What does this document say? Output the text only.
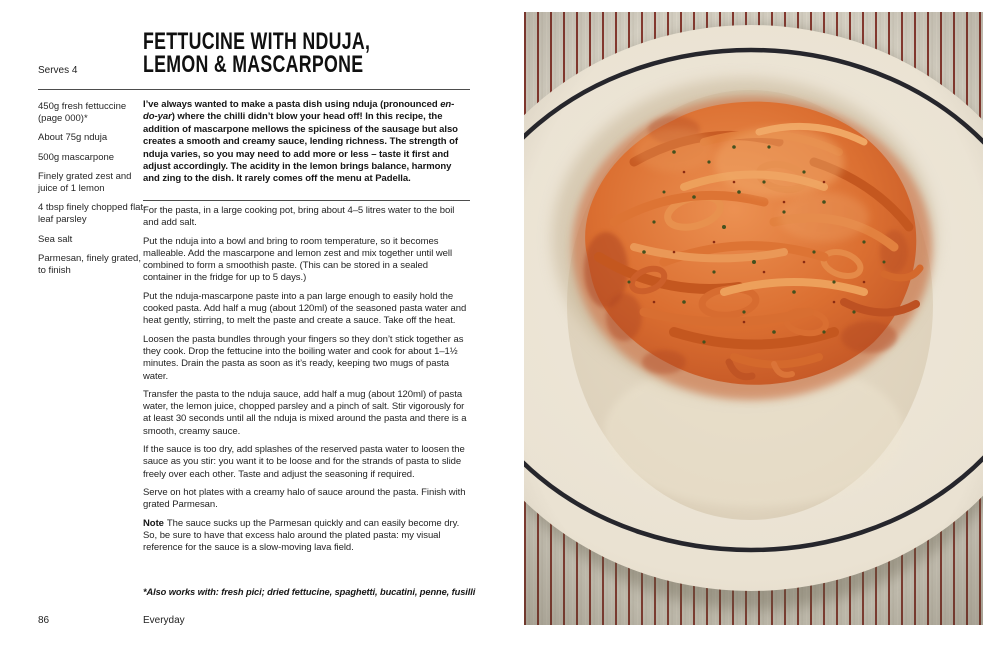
Serves 4
FETTUCINE WITH NDUJA,
LEMON & MASCARPONE

450g fresh fettuccine (page 000)*

About 75g nduja

500g mascarpone

Finely grated zest and juice of 1 lemon

4 tbsp finely chopped flat-leaf parsley

Sea salt

Parmesan, finely grated, to finish

I’ve always wanted to make a pasta dish using nduja (pronounced en-do-yar) where the chilli didn’t blow your head off! In this recipe, the addition of mascarpone mellows the spiciness of the sausage but also creates a smooth and creamy sauce, lending richness. The strength of nduja varies, so you may need to add more or less – taste it first and adjust accordingly. The acidity in the lemon brings balance, harmony and zing to the dish. It rarely comes off the menu at Padella.

For the pasta, in a large cooking pot, bring about 4–5 litres water to the boil and add salt.

Put the nduja into a bowl and bring to room temperature, so it becomes malleable. Add the mascarpone and lemon zest and mix together until well combined to form a smoothish paste. (This can be stored in a sealed container in the fridge for up to 5 days.)

Put the nduja-mascarpone paste into a pan large enough to easily hold the cooked pasta. Add half a mug (about 120ml) of the seasoned pasta water and heat gently, stirring, to melt the paste and create a sauce. Take off the heat.

Loosen the pasta bundles through your fingers so they don’t stick together as they cook. Drop the fettucine into the boiling water and cook for about 1–1½ minutes. Drain the pasta as soon as it’s ready, keeping two mugs of pasta water.

Transfer the pasta to the nduja sauce, add half a mug (about 120ml) of pasta water, the lemon juice, chopped parsley and a pinch of salt. Stir vigorously for at least 30 seconds until all the nduja is mixed around the pasta and there is a smooth, creamy sauce.

If the sauce is too dry, add splashes of the reserved pasta water to loosen the sauce as you stir: you want it to be loose and for the strands of pasta to slide freely over each other. Taste and adjust the seasoning if required.

Serve on hot plates with a creamy halo of sauce around the pasta. Finish with grated Parmesan.

Note The sauce sucks up the Parmesan quickly and can easily become dry. So, be sure to have that excess halo around the plated pasta: my visual reference for the sauce is a slow-moving lava field.

*Also works with: fresh pici; dried fettucine, spaghetti, bucatini, penne, fusilli
86	Everyday
